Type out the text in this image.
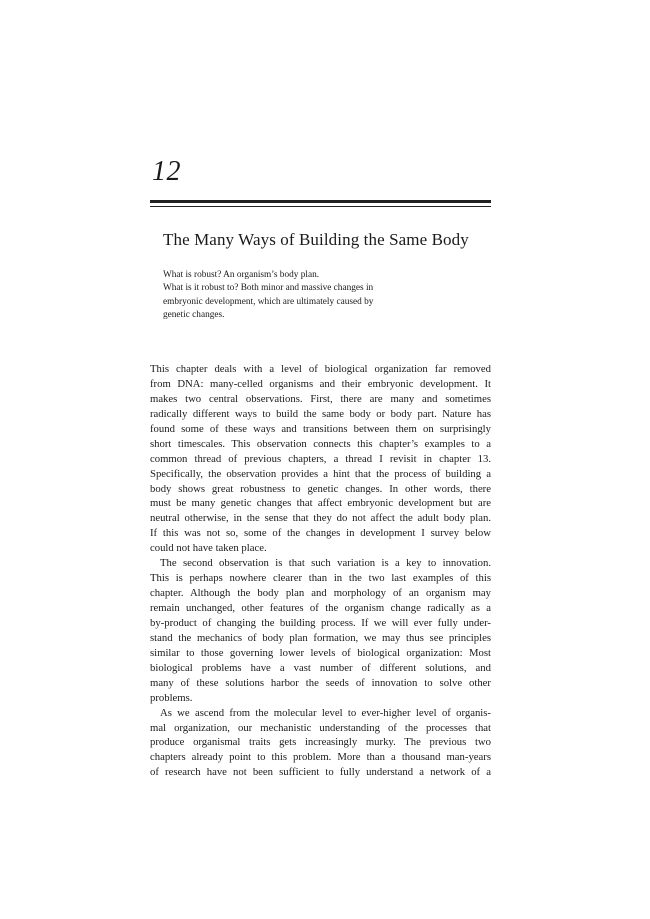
12
The Many Ways of Building the Same Body

What is robust? An organism’s body plan.
What is it robust to? Both minor and massive changes in
embryonic development, which are ultimately caused by
genetic changes.

This chapter deals with a level of biological organization far removed
from DNA: many-celled organisms and their embryonic development. It
makes two central observations. First, there are many and sometimes
radically different ways to build the same body or body part. Nature has
found some of these ways and transitions between them on surprisingly
short timescales. This observation connects this chapter’s examples to a
common thread of previous chapters, a thread I revisit in chapter 13.
Specifically, the observation provides a hint that the process of building a
body shows great robustness to genetic changes. In other words, there
must be many genetic changes that affect embryonic development but are
neutral otherwise, in the sense that they do not affect the adult body plan.
If this was not so, some of the changes in development I survey below
could not have taken place.
The second observation is that such variation is a key to innovation.
This is perhaps nowhere clearer than in the two last examples of this
chapter. Although the body plan and morphology of an organism may
remain unchanged, other features of the organism change radically as a
by-product of changing the building process. If we will ever fully under-
stand the mechanics of body plan formation, we may thus see principles
similar to those governing lower levels of biological organization: Most
biological problems have a vast number of different solutions, and
many of these solutions harbor the seeds of innovation to solve other
problems.
As we ascend from the molecular level to ever-higher level of organis-
mal organization, our mechanistic understanding of the processes that
produce organismal traits gets increasingly murky. The previous two
chapters already point to this problem. More than a thousand man-years
of research have not been sufficient to fully understand a network of a
